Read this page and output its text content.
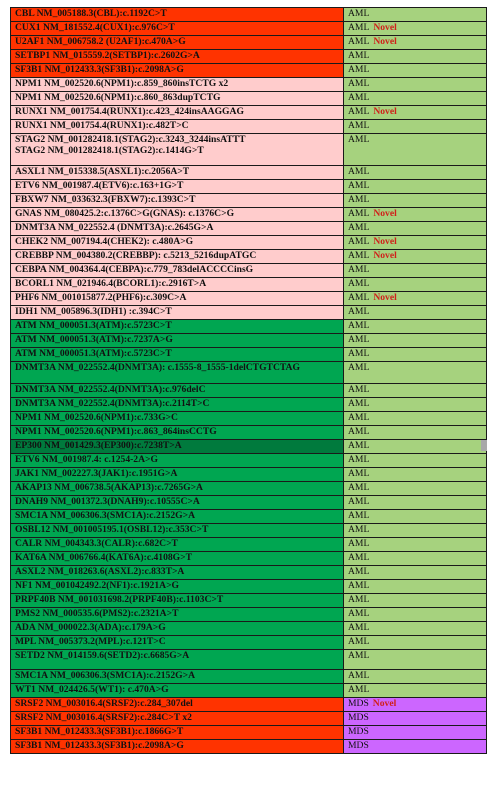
CBL NM_005188.3(CBL):c.1192C>T	AML

CUX1 NM_181552.4(CUX1):c.976C>T	AML Novel

U2AF1 NM_006758.2 (U2AF1):c.470A>G	AML Novel

SETBP1 NM_015559.2(SETBP1):c.2602G>A	AML

SF3B1 NM_012433.3(SF3B1):c.2098A>G	AML

NPM1 NM_002520.6(NPM1):c.859_860insTCTG x2	AML

NPM1 NM_002520.6(NPM1):c.860_863dupTCTG	AML

RUNX1 NM_001754.4(RUNX1):c.423_424insAAGGAG	AML Novel

RUNX1 NM_001754.4(RUNX1):c.482T>C	AML

STAG2 NM_001282418.1(STAG2):c.3243_3244insATTT
STAG2 NM_001282418.1(STAG2):c.1414G>T	AML

ASXL1 NM_015338.5(ASXL1):c.2056A>T	AML

ETV6 NM_001987.4(ETV6):c.163+1G>T	AML

FBXW7 NM_033632.3(FBXW7):c.1393C>T	AML

GNAS NM_080425.2:c.1376C>G(GNAS): c.1376C>G	AML Novel

DNMT3A NM_022552.4 (DNMT3A):c.2645G>A	AML

CHEK2 NM_007194.4(CHEK2): c.480A>G	AML Novel

CREBBP NM_004380.2(CREBBP): c.5213_5216dupATGC	AML Novel

CEBPA NM_004364.4(CEBPA):c.779_783delACCCCinsG	AML

BCORL1 NM_021946.4(BCORL1):c.2916T>A	AML

PHF6 NM_001015877.2(PHF6):c.309C>A	AML Novel

IDH1 NM_005896.3(IDH1) :c.394C>T	AML

ATM NM_000051.3(ATM):c.5723C>T	AML

ATM NM_000051.3(ATM):c.7237A>G	AML

ATM NM_000051.3(ATM):c.5723C>T	AML

DNMT3A NM_022552.4(DNMT3A): c.1555-8_1555-1delCTGTCTAG	AML

DNMT3A NM_022552.4(DNMT3A):c.976delC	AML

DNMT3A NM_022552.4(DNMT3A):c.2114T>C	AML

NPM1 NM_002520.6(NPM1):c.733G>C	AML

NPM1 NM_002520.6(NPM1):c.863_864insCCTG	AML

EP300 NM_001429.3(EP300):c.7238T>A	AML

ETV6 NM_001987.4: c.1254-2A>G	AML

JAK1 NM_002227.3(JAK1):c.1951G>A	AML

AKAP13 NM_006738.5(AKAP13):c.7265G>A	AML

DNAH9 NM_001372.3(DNAH9):c.10555C>A	AML

SMC1A NM_006306.3(SMC1A):c.2152G>A	AML

OSBL12 NM_001005195.1(OSBL12):c.353C>T	AML

CALR NM_004343.3(CALR):c.682C>T	AML

KAT6A NM_006766.4(KAT6A):c.4108G>T	AML

ASXL2 NM_018263.6(ASXL2):c.833T>A	AML

NF1 NM_001042492.2(NF1):c.1921A>G	AML

PRPF40B NM_001031698.2(PRPF40B):c.1103C>T	AML

PMS2 NM_000535.6(PMS2):c.2321A>T	AML

ADA NM_000022.3(ADA):c.179A>G	AML

MPL NM_005373.2(MPL):c.121T>C	AML

SETD2 NM_014159.6(SETD2):c.6685G>A	AML

SMC1A NM_006306.3(SMC1A):c.2152G>A	AML

WT1 NM_024426.5(WT1): c.470A>G	AML

SRSF2 NM_003016.4(SRSF2):c.284_307del	MDS Novel

SRSF2 NM_003016.4(SRSF2):c.284C>T x2	MDS

SF3B1 NM_012433.3(SF3B1):c.1866G>T	MDS

SF3B1 NM_012433.3(SF3B1):c.2098A>G	MDS
